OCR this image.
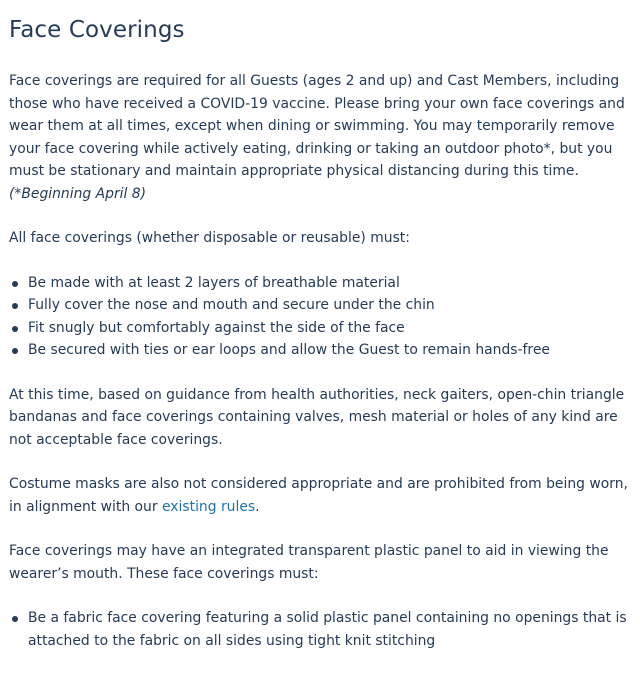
Face Coverings

Face coverings are required for all Guests (ages 2 and up) and Cast Members, including those who have received a COVID-19 vaccine. Please bring your own face coverings and wear them at all times, except when dining or swimming. You may temporarily remove your face covering while actively eating, drinking or taking an outdoor photo*, but you must be stationary and maintain appropriate physical distancing during this time. (*Beginning April 8)

All face coverings (whether disposable or reusable) must:

Be made with at least 2 layers of breathable material
Fully cover the nose and mouth and secure under the chin
Fit snugly but comfortably against the side of the face
Be secured with ties or ear loops and allow the Guest to remain hands-free

At this time, based on guidance from health authorities, neck gaiters, open-chin triangle bandanas and face coverings containing valves, mesh material or holes of any kind are not acceptable face coverings.

Costume masks are also not considered appropriate and are prohibited from being worn, in alignment with our existing rules.

Face coverings may have an integrated transparent plastic panel to aid in viewing the wearer’s mouth. These face coverings must:

Be a fabric face covering featuring a solid plastic panel containing no openings that is attached to the fabric on all sides using tight knit stitching
